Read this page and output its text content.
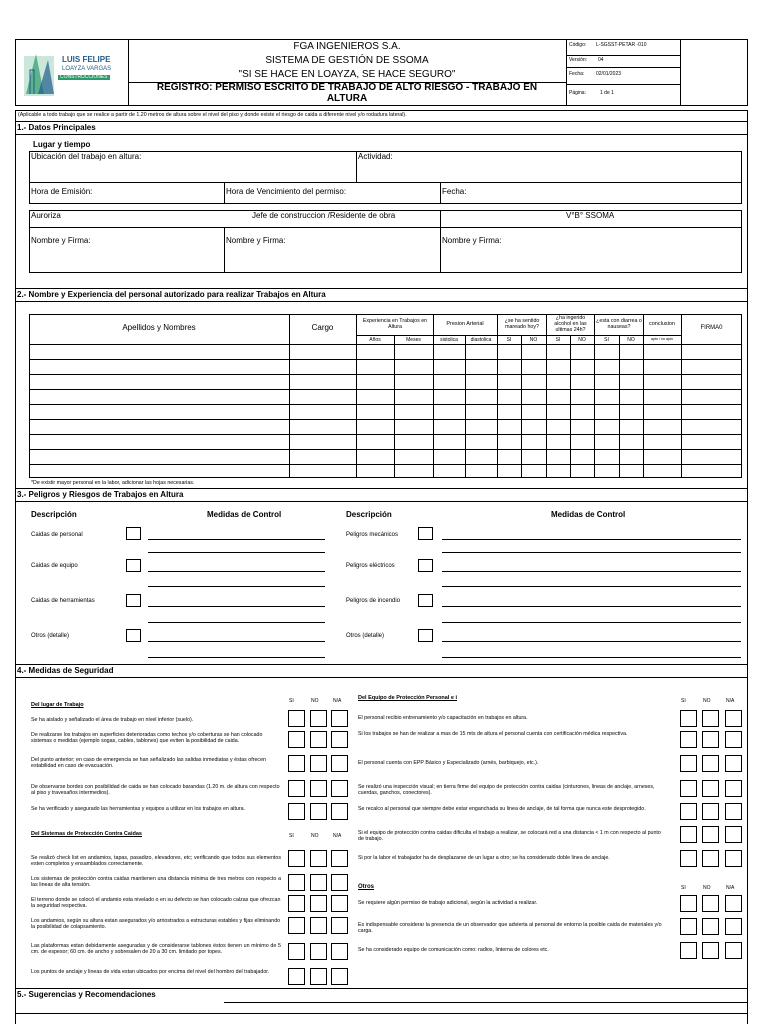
LUIS FELIPE
LOAYZA VARGAS
CONSTRUCCIONES
FGA INGENIEROS S.A.
SISTEMA DE GESTIÓN DE SSOMA
"SI SE HACE EN LOAYZA, SE HACE SEGURO"
REGISTRO: PERMISO ESCRITO DE TRABAJO DE ALTO RIESGO - TRABAJO EN
ALTURA
Código: L-SGSST-PETAR -010
Versión: 04
Fecha: 02/01/2023
Página:	1 de 1
(Aplicable a todo trabajo que se realice a partir de 1.20 metros de altura sobre el nivel del piso y donde existe el riesgo de caida a diferente nivel y/o rodadura lateral).
1.- Datos Principales
Lugar y tiempo
Ubicación del trabajo en altura:	Actividad:
Hora de Emisión:	Hora de Vencimiento del permiso:	Fecha:
Auroriza	Jefe de construccion /Residente de obra	V°B° SSOMA
Nombre y Firma:	Nombre y Firma:	Nombre y Firma:
2.- Nombre y Experiencia del personal autorizado para realizar Trabajos en Altura
Apellidos y Nombres	Cargo
Experiencia en Trabajos en Altura
Presion Arterial	¿se ha sentido mareado hoy?
¿ha ingerido alcohol en las ultimas 24h?
¿esta con diarrea o nauseas?
conclusion
FIRMA0
Años	Meses	sistolica	diastolica	SI	NO	SI	NO	SI	NO	apto / no apto
*De existir mayor personal en la labor, adicionar las hojas necesarias.
3.- Peligros y Riesgos de Trabajos en Altura
Descripción	Medidas de Control	Descripción	Medidas de Control
Caidas de personal
Caidas de equipo
Caidas de herramientas
Otros (detalle)
Peligros mecánicos
Peligros eléctricos
Peligros de incendio
Otros (detalle)
4.- Medidas de Seguridad
SI	NO	N/A
Del lugar de Trabajo
Se ha aislado y señalizado el área de trabajo en nivel inferior (suelo).
De realizarse los trabajos en superficies deterioradas como techos y/o coberturas se han colocado sistemas o medidas (ejemplo sogas, cables, tablones) que eviten la posibilidad de caida.
Del punto anterior; en caso de emergencia se han señalizado las salidas inmediatas y éstas ofrecen estabilidad en caso de evacuación.
De observarse bordes con posibilidad de caida se han colocado barandas (1.20 m. de altura con respecto al piso y travesaños intermedios).
Se ha verificado y asegurado las herramientas y equipos a utilizar en los trabajos en altura.
SI	NO	N/A
Del Sistemas de Protección Contra Caidas
Se realizó check list en andamios, tapas, pasadizo, elevadores, etc; verificando que todos sus elementos esten completos y ensamblados correctamente.
Los sistemas de protección contra caidas mantienen una distancia mínima de tres metros con respecto a las lineas de alta tensión.
El terreno donde se colocó el andamio esta nivelado o en su defecto se han colocado calzas que ofrezcan la seguridad respectiva.
Los andamios, según su altura estan asegurados y/o arriostrados a estructuras estables y fijas eliminando la posibilidad de colapsamiento.
Las plataformas estan debidamente aseguradas y de considerarse tablones éstos tienen un mínimo de 5 cm. de espesor; 60 cm. de ancho y sobresalen de 20 a 30 cm. limitado por topes.
Los puntos de anclaje y lineas de vida estan ubicados por encima del nivel del hombro del trabajador.
SI	NO	N/A
Del Equipo de Protección Personal e i
El personal recibio entrenamiento y/o capacitación en trabajos en altura.
Si los trabajos se han de realizar a mas de 15 mts de altura el personal cuenta con certificación médica respectiva.
El personal cuenta con EPP Básico y Especializado (arnés, barbiquejo, etc.).
Se realizó una inspección visual; en tierra firme del equipo de protección contra caidas (cinturones, lineas de anclaje, arneses, cuerdas, ganchos, conectores).
Se recalco al personal que siempre debe estar enganchada su linea de anclaje, de tal forma que nunca este desprotegido.
Si el equipo de protección contra caidas dificulta el trabajo a realizar, se colocará red a una distancia < 1 m con respecto al punto de trabajo.
Si por la labor el trabajador ha de desplazarse de un lugar a otro; se ha considerado doble linea de anclaje.
Otros	SI	NO	N/A
Se requiere algún permiso de trabajo adicional, según la actividad a realizar.
Es indispensable considerar la presencia de un observador que advierta al personal de entorno la posible caida de materiales y/o carga.
Se ha considerado equipo de comunicación como: radios, linterna de colores etc.
5.- Sugerencias y Recomendaciones
